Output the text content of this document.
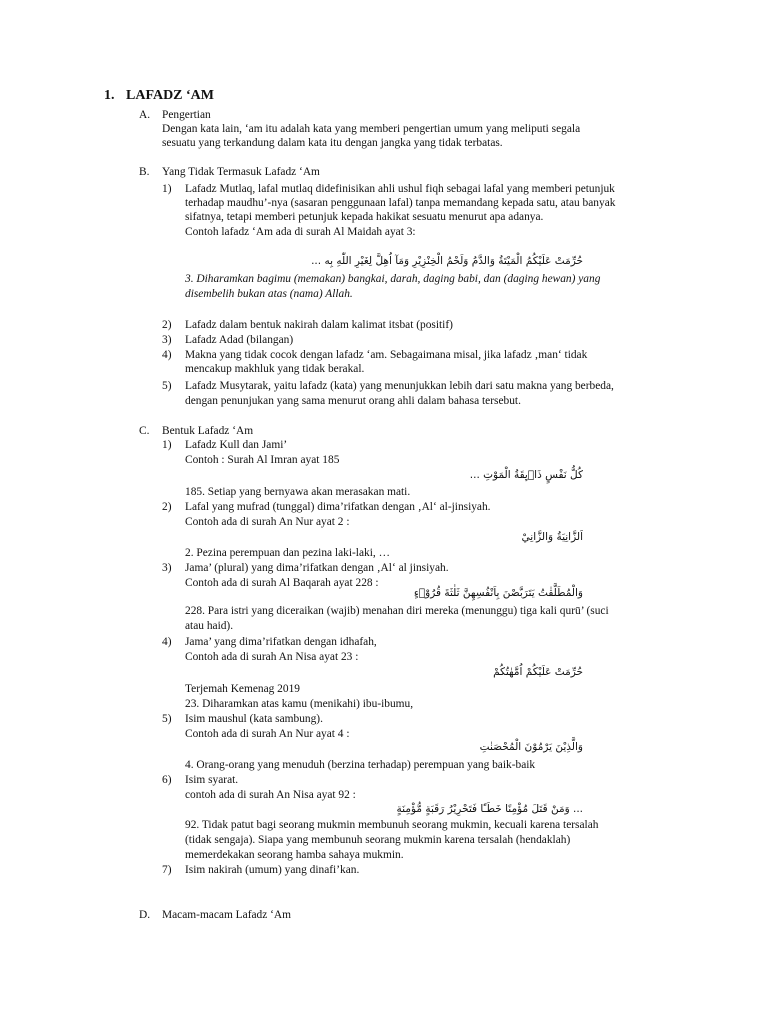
1. LAFADZ ‘AM
A. Pengertian
Dengan kata lain, ‘am itu adalah kata yang memberi pengertian umum yang meliputi segala
sesuatu yang terkandung dalam kata itu dengan jangka yang tidak terbatas.
B. Yang Tidak Termasuk Lafadz ‘Am
1) Lafadz Mutlaq, lafal mutlaq didefinisikan ahli ushul fiqh sebagai lafal yang memberi petunjuk
terhadap maudhu’-nya (sasaran penggunaan lafal) tanpa memandang kepada satu, atau banyak
sifatnya, tetapi memberi petunjuk kepada hakikat sesuatu menurut apa adanya.
Contoh lafadz ‘Am ada di surah Al Maidah ayat 3:
حُرِّمَتْ عَلَيْكُمُ الْمَيْتَةُ وَالدَّمُ وَلَحْمُ الْخِنْزِيْرِ وَمَآ اُهِلَّ لِغَيْرِ اللّٰهِ بِه ...
3. Diharamkan bagimu (memakan) bangkai, darah, daging babi, dan (daging hewan) yang
disembelih bukan atas (nama) Allah.
2) Lafadz dalam bentuk nakirah dalam kalimat itsbat (positif)
3) Lafadz Adad (bilangan)
4) Makna yang tidak cocok dengan lafadz ‘am. Sebagaimana misal, jika lafadz ‚man‘ tidak
mencakup makhluk yang tidak berakal.
5) Lafadz Musytarak, yaitu lafadz (kata) yang menunjukkan lebih dari satu makna yang berbeda,
dengan penunjukan yang sama menurut orang ahli dalam bahasa tersebut.
C. Bentuk Lafadz ‘Am
1) Lafadz Kull dan Jami’
Contoh : Surah Al Imran ayat 185
كُلُّ نَفْسٍ ذَاۤىِٕقَةُ الْمَوْتِ ...
185. Setiap yang bernyawa akan merasakan mati.
2) Lafal yang mufrad (tunggal) dima’rifatkan dengan ‚Al‘ al-jinsiyah.
Contoh ada di surah An Nur ayat 2 :
اَلزَّانِيَةُ وَالزَّانِيْ
2. Pezina perempuan dan pezina laki-laki, …
3) Jama’ (plural) yang dima’rifatkan dengan ‚Al‘ al jinsiyah.
Contoh ada di surah Al Baqarah ayat 228 :
وَالْمُطَلَّقٰتُ يَتَرَبَّصْنَ بِاَنْفُسِهِنَّ ثَلٰثَةَ قُرُوْۤءٍ
228. Para istri yang diceraikan (wajib) menahan diri mereka (menunggu) tiga kali qurū’ (suci
atau haid).
4) Jama’ yang dima’rifatkan dengan idhafah,
Contoh ada di surah An Nisa ayat 23 :
حُرِّمَتْ عَلَيْكُمْ اُمَّهٰتُكُمْ
Terjemah Kemenag 2019
23. Diharamkan atas kamu (menikahi) ibu-ibumu,
5) Isim maushul (kata sambung).
Contoh ada di surah An Nur ayat 4 :
وَالَّذِيْنَ يَرْمُوْنَ الْمُحْصَنٰتِ
4. Orang-orang yang menuduh (berzina terhadap) perempuan yang baik-baik
6) Isim syarat.
contoh ada di surah An Nisa ayat 92 :
... وَمَنْ قَتَلَ مُؤْمِنًا خَطَـًٔا فَتَحْرِيْرُ رَقَبَةٍ مُّؤْمِنَةٍ
92. Tidak patut bagi seorang mukmin membunuh seorang mukmin, kecuali karena tersalah
(tidak sengaja). Siapa yang membunuh seorang mukmin karena tersalah (hendaklah)
memerdekakan seorang hamba sahaya mukmin.
7) Isim nakirah (umum) yang dinafi’kan.
D. Macam-macam Lafadz ‘Am
